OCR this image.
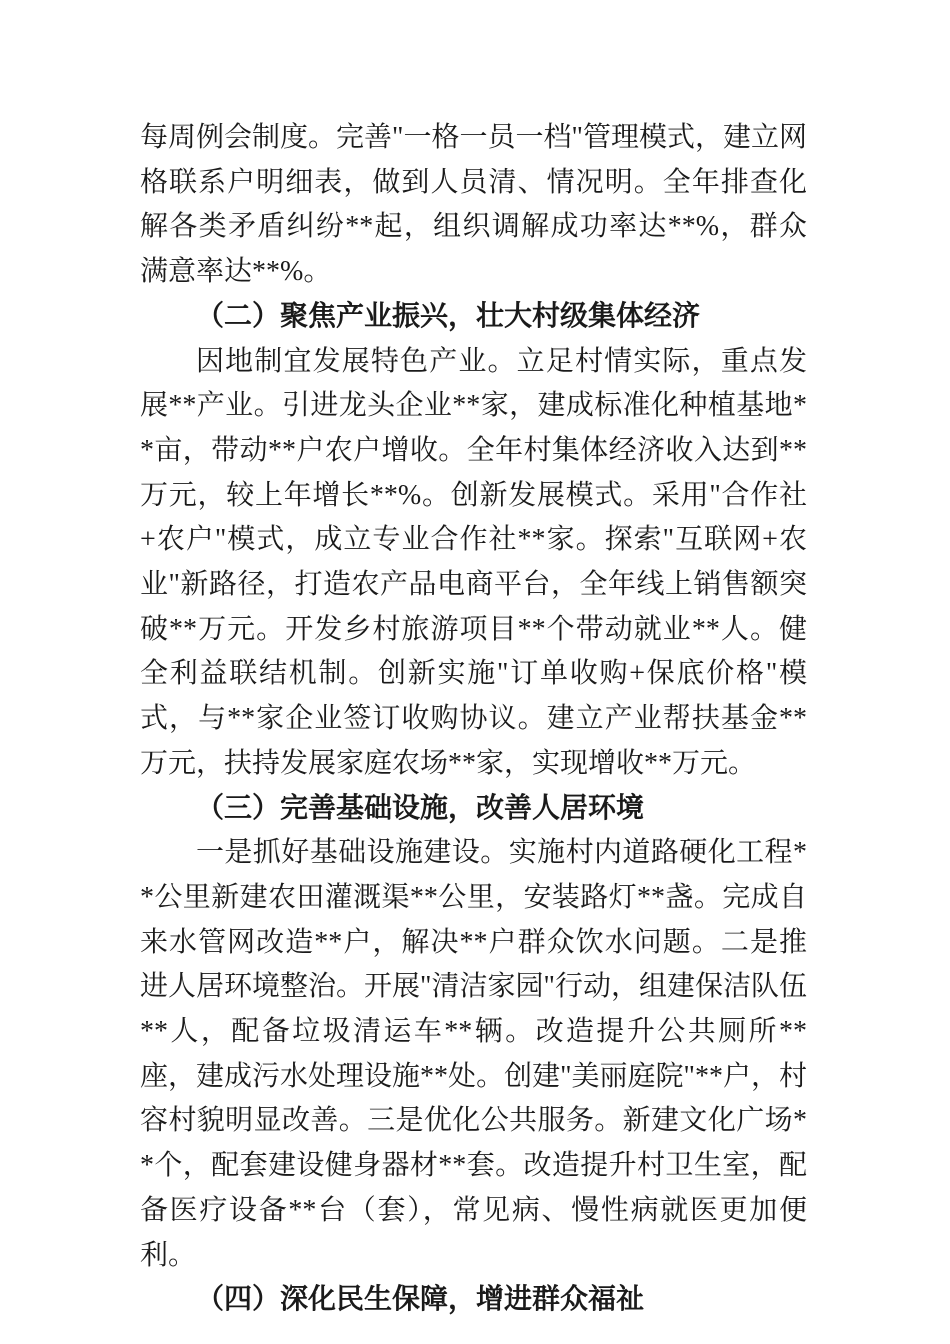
每周例会制度。完善"一格一员一档"管理模式，建立网格联系户明细表，做到人员清、情况明。全年排查化解各类矛盾纠纷**起，组织调解成功率达**%，群众满意率达**%。

（二）聚焦产业振兴，壮大村级集体经济

因地制宜发展特色产业。立足村情实际，重点发展**产业。引进龙头企业**家，建成标准化种植基地**亩，带动**户农户增收。全年村集体经济收入达到**万元，较上年增长**%。创新发展模式。采用"合作社+农户"模式，成立专业合作社**家。探索"互联网+农业"新路径，打造农产品电商平台，全年线上销售额突破**万元。开发乡村旅游项目**个带动就业**人。健全利益联结机制。创新实施"订单收购+保底价格"模式，与**家企业签订收购协议。建立产业帮扶基金**万元，扶持发展家庭农场**家，实现增收**万元。

（三）完善基础设施，改善人居环境

一是抓好基础设施建设。实施村内道路硬化工程**公里新建农田灌溉渠**公里，安装路灯**盏。完成自来水管网改造**户，解决**户群众饮水问题。二是推进人居环境整治。开展"清洁家园"行动，组建保洁队伍**人，配备垃圾清运车**辆。改造提升公共厕所**座，建成污水处理设施**处。创建"美丽庭院"**户，村容村貌明显改善。三是优化公共服务。新建文化广场**个，配套建设健身器材**套。改造提升村卫生室，配备医疗设备**台（套），常见病、慢性病就医更加便利。

（四）深化民生保障，增进群众福祉
